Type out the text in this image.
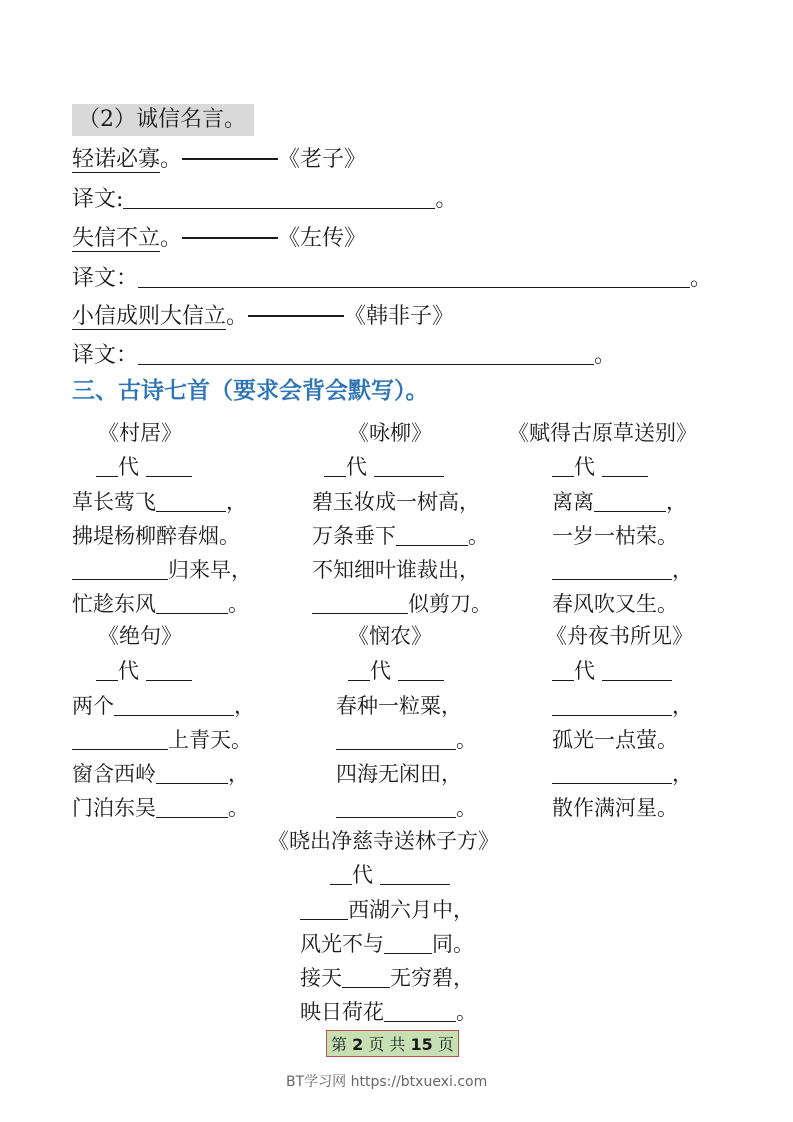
（2）诚信名言。
轻诺必寡。	《老子》
译文:	。
失信不立。	《左传》
译文：	。
小信成则大信立。	《韩非子》
译文：	。
三、古诗七首（要求会背会默写）。
《村居》
代
草长莺飞	，
拂堤杨柳醉春烟。
归来早，
忙趁东风	。
《咏柳》
代
碧玉妆成一树高，
万条垂下	。
不知细叶谁裁出，
似剪刀。
《赋得古原草送别》
代
离离	，
一岁一枯荣。
，
春风吹又生。
《绝句》
代
两个	，
上青天。
窗含西岭	，
门泊东吴	。
《悯农》
代
春种一粒粟，
。
四海无闲田，
。
《舟夜书所见》
代
，
孤光一点萤。
，
散作满河星。
《晓出净慈寺送林子方》
代
西湖六月中，
风光不与 同。
接天 无穷碧，
映日荷花	。
第 2 页 共 15 页
BT学习网 https://btxuexi.com
